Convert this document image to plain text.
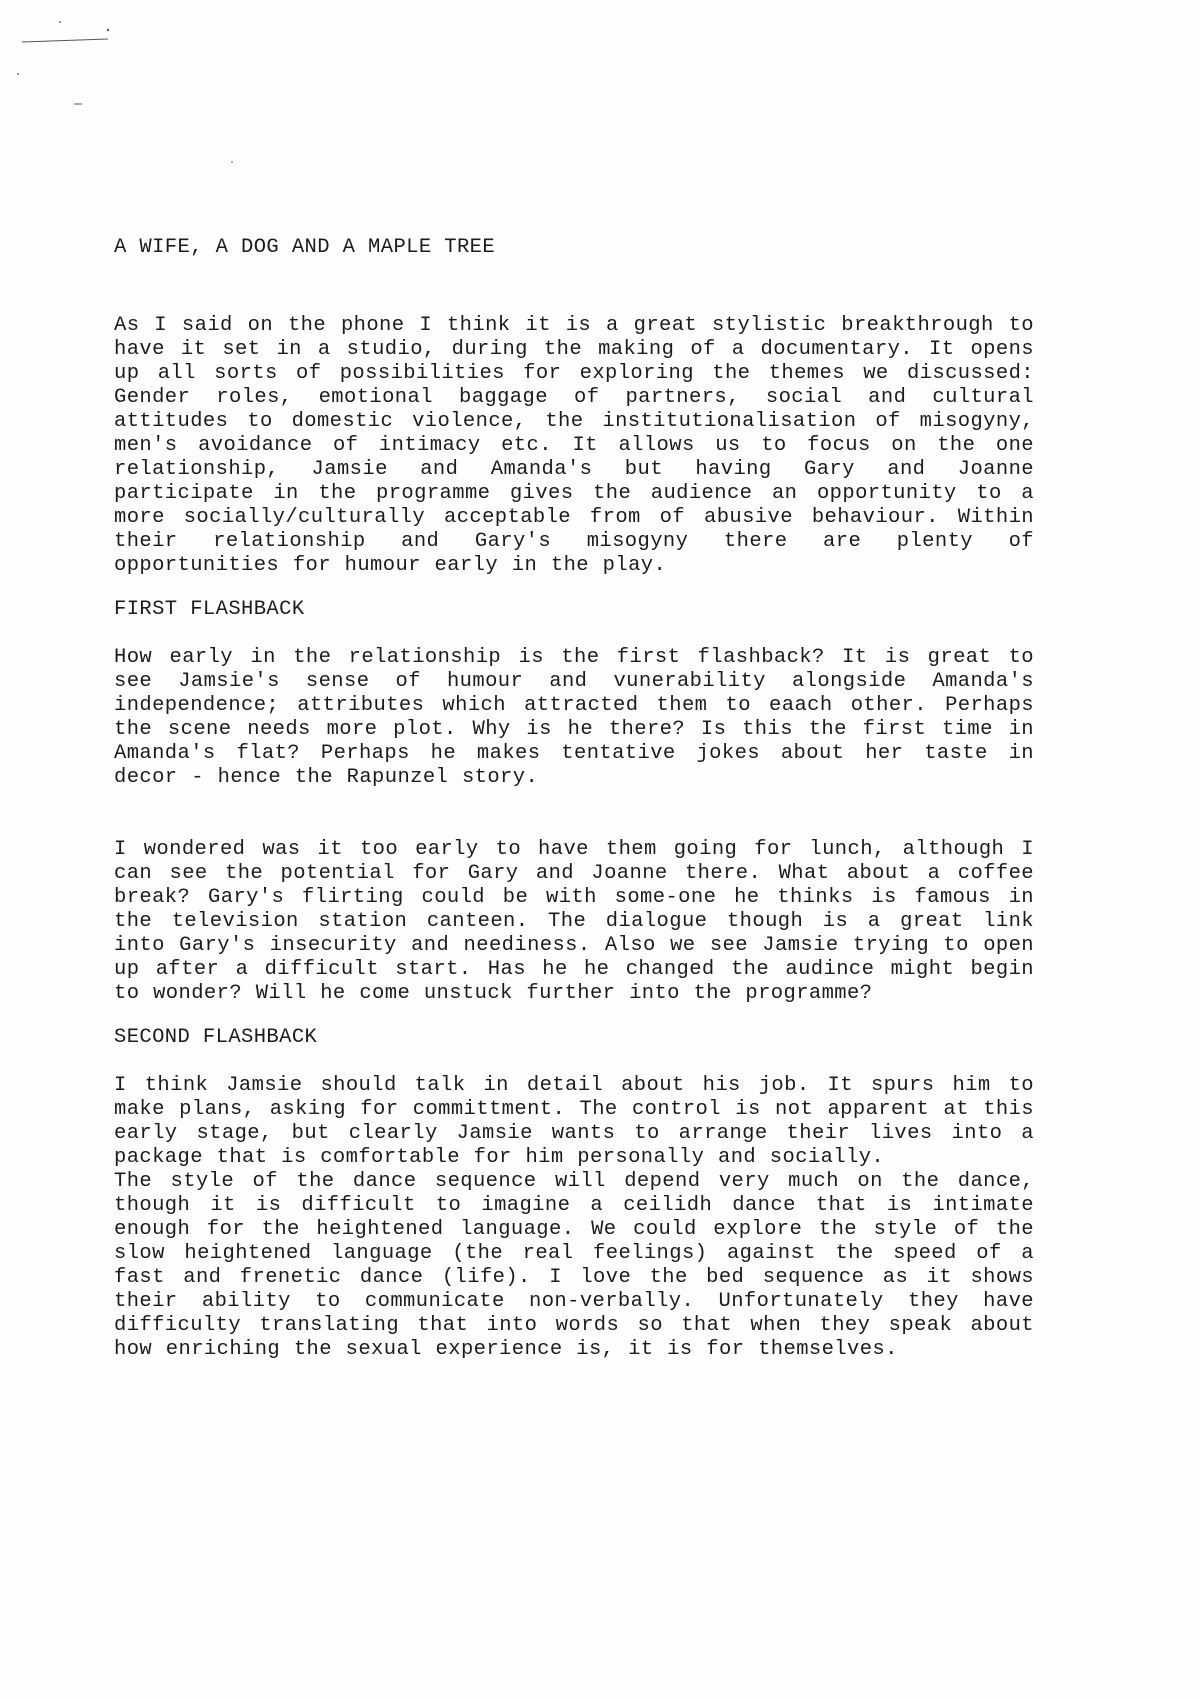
A WIFE, A DOG AND A MAPLE TREE

As I said on the phone I think it is a great stylistic breakthrough to have it set in a studio, during the making of a documentary. It opens up all sorts of possibilities for exploring the themes we discussed: Gender roles, emotional baggage of partners, social and cultural attitudes to domestic violence, the institutionalisation of misogyny, men's avoidance of intimacy etc. It allows us to focus on the one relationship, Jamsie and Amanda's but having Gary and Joanne participate in the programme gives the audience an opportunity to a more socially/culturally acceptable from of abusive behaviour. Within their relationship and Gary's misogyny there are plenty of opportunities for humour early in the play.

FIRST FLASHBACK

How early in the relationship is the first flashback? It is great to see Jamsie's sense of humour and vunerability alongside Amanda's independence; attributes which attracted them to eaach other. Perhaps the scene needs more plot. Why is he there? Is this the first time in Amanda's flat? Perhaps he makes tentative jokes about her taste in decor - hence the Rapunzel story.

I wondered was it too early to have them going for lunch, although I can see the potential for Gary and Joanne there. What about a coffee break? Gary's flirting could be with some-one he thinks is famous in the television station canteen. The dialogue though is a great link into Gary's insecurity and neediness. Also we see Jamsie trying to open up after a difficult start. Has he he changed the audince might begin to wonder? Will he come unstuck further into the programme?

SECOND FLASHBACK

I think Jamsie should talk in detail about his job. It spurs him to make plans, asking for committment. The control is not apparent at this early stage, but clearly Jamsie wants to arrange their lives into a package that is comfortable for him personally and socially.

The style of the dance sequence will depend very much on the dance, though it is difficult to imagine a ceilidh dance that is intimate enough for the heightened language. We could explore the style of the slow heightened language (the real feelings) against the speed of a fast and frenetic dance (life). I love the bed sequence as it shows their ability to communicate non-verbally. Unfortunately they have difficulty translating that into words so that when they speak about how enriching the sexual experience is, it is for themselves.
